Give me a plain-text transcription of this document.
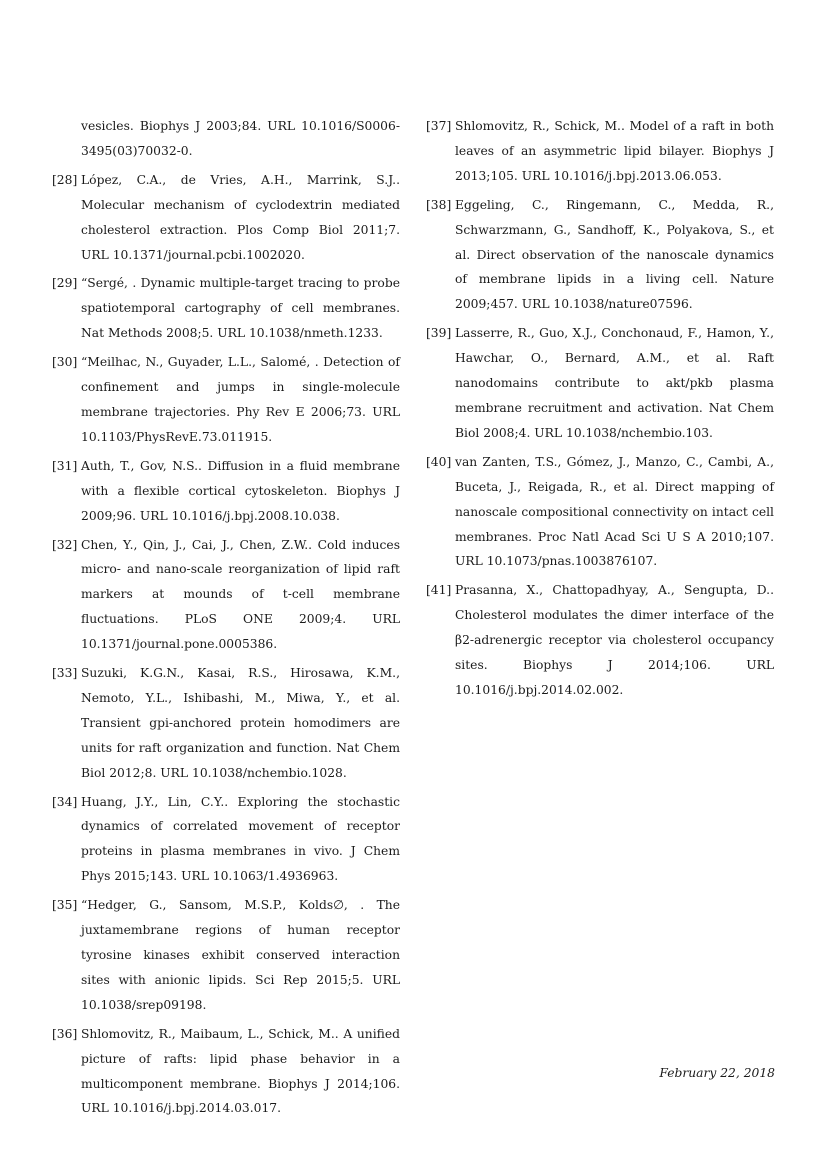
vesicles. Biophys J 2003;84. URL 10.1016/S0006-3495(03)70032-0.
[28] López, C.A., de Vries, A.H., Marrink, S.J.. Molecular mechanism of cyclodextrin mediated cholesterol extraction. Plos Comp Biol 2011;7. URL 10.1371/journal.pcbi.1002020.
[29] “Sergé, . Dynamic multiple-target tracing to probe spatiotemporal cartography of cell membranes. Nat Methods 2008;5. URL 10.1038/nmeth.1233.
[30] “Meilhac, N., Guyader, L.L., Salomé, . Detection of confinement and jumps in single-molecule membrane trajectories. Phy Rev E 2006;73. URL 10.1103/PhysRevE.73.011915.
[31] Auth, T., Gov, N.S.. Diffusion in a fluid membrane with a flexible cortical cytoskeleton. Biophys J 2009;96. URL 10.1016/j.bpj.2008.10.038.
[32] Chen, Y., Qin, J., Cai, J., Chen, Z.W.. Cold induces micro- and nano-scale reorganization of lipid raft markers at mounds of t-cell membrane fluctuations. PLoS ONE 2009;4. URL 10.1371/journal.pone.0005386.
[33] Suzuki, K.G.N., Kasai, R.S., Hirosawa, K.M., Nemoto, Y.L., Ishibashi, M., Miwa, Y., et al. Transient gpi-anchored protein homodimers are units for raft organization and function. Nat Chem Biol 2012;8. URL 10.1038/nchembio.1028.
[34] Huang, J.Y., Lin, C.Y.. Exploring the stochastic dynamics of correlated movement of receptor proteins in plasma membranes in vivo. J Chem Phys 2015;143. URL 10.1063/1.4936963.
[35] “Hedger, G., Sansom, M.S.P., Kolds∅, . The juxtamembrane regions of human receptor tyrosine kinases exhibit conserved interaction sites with anionic lipids. Sci Rep 2015;5. URL 10.1038/srep09198.
[36] Shlomovitz, R., Maibaum, L., Schick, M.. A unified picture of rafts: lipid phase behavior in a multicomponent membrane. Biophys J 2014;106. URL 10.1016/j.bpj.2014.03.017.
[37] Shlomovitz, R., Schick, M.. Model of a raft in both leaves of an asymmetric lipid bilayer. Biophys J 2013;105. URL 10.1016/j.bpj.2013.06.053.
[38] Eggeling, C., Ringemann, C., Medda, R., Schwarzmann, G., Sandhoff, K., Polyakova, S., et al. Direct observation of the nanoscale dynamics of membrane lipids in a living cell. Nature 2009;457. URL 10.1038/nature07596.
[39] Lasserre, R., Guo, X.J., Conchonaud, F., Hamon, Y., Hawchar, O., Bernard, A.M., et al. Raft nanodomains contribute to akt/pkb plasma membrane recruitment and activation. Nat Chem Biol 2008;4. URL 10.1038/nchembio.103.
[40] van Zanten, T.S., Gómez, J., Manzo, C., Cambi, A., Buceta, J., Reigada, R., et al. Direct mapping of nanoscale compositional connectivity on intact cell membranes. Proc Natl Acad Sci U S A 2010;107. URL 10.1073/pnas.1003876107.
[41] Prasanna, X., Chattopadhyay, A., Sengupta, D.. Cholesterol modulates the dimer interface of the β2-adrenergic receptor via cholesterol occupancy sites. Biophys J 2014;106. URL 10.1016/j.bpj.2014.02.002.
February 22, 2018
